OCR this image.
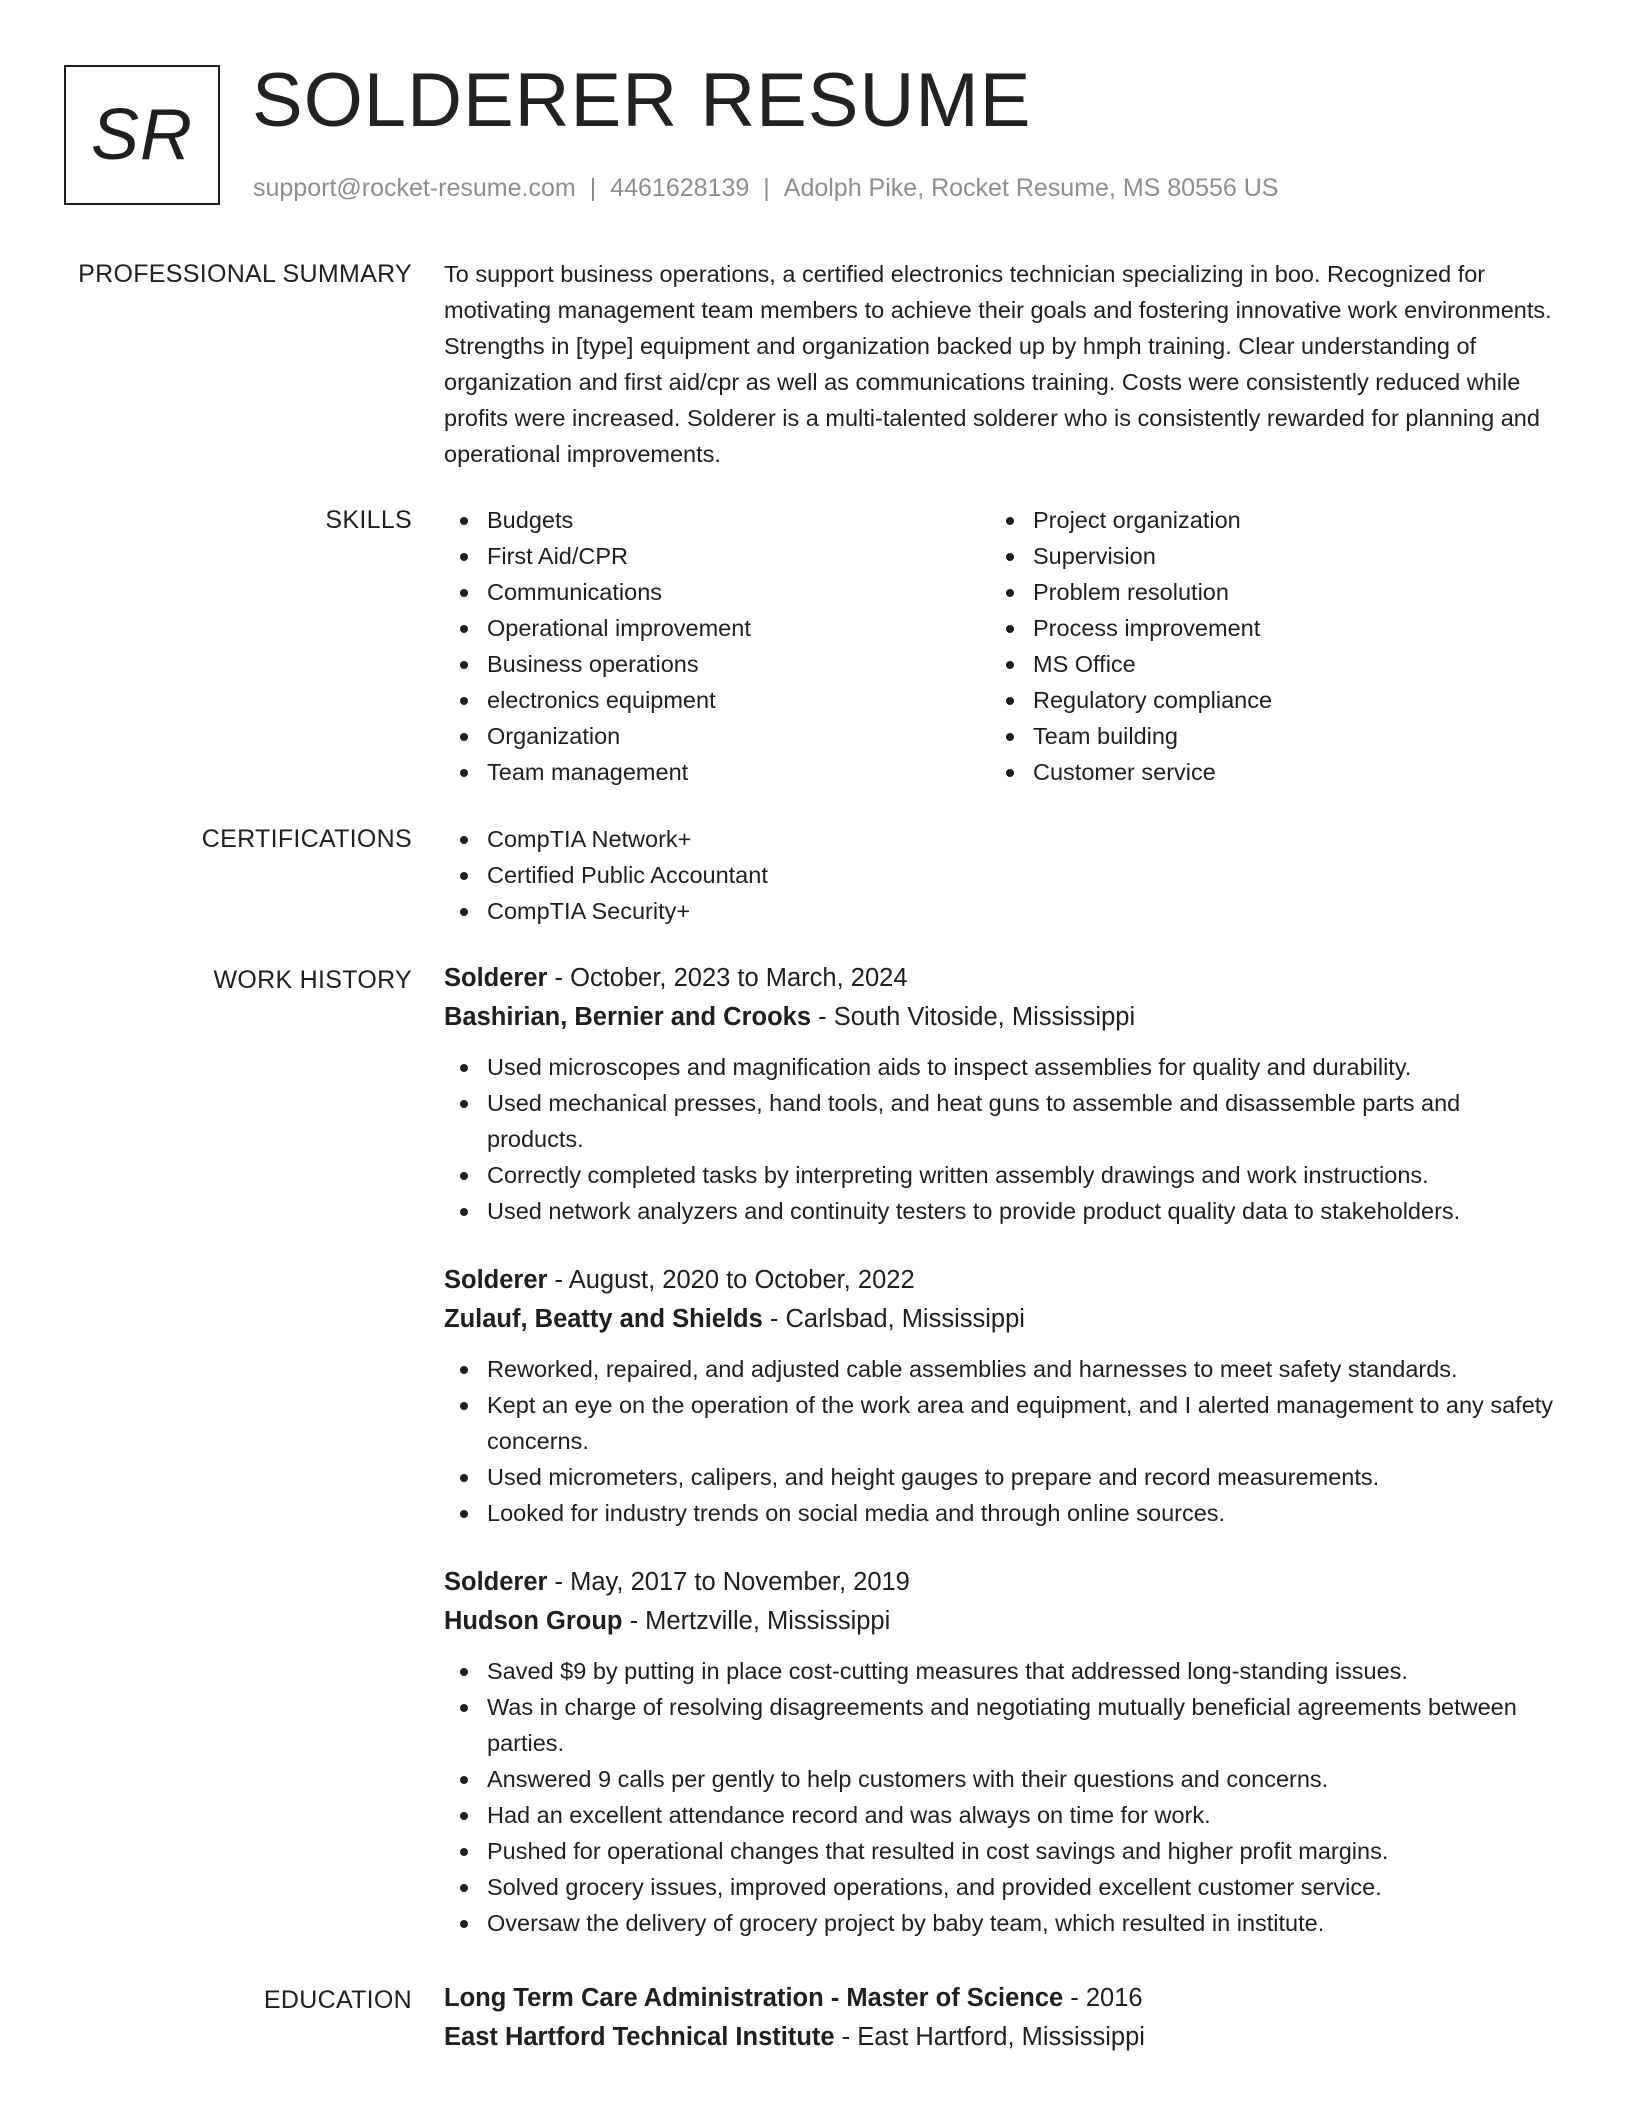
SR SOLDERER RESUME
support@rocket-resume.com | 4461628139 | Adolph Pike, Rocket Resume, MS 80556 US
PROFESSIONAL SUMMARY To support business operations, a certified electronics technician specializing in boo. Recognized for motivating management team members to achieve their goals and fostering innovative work environments. Strengths in [type] equipment and organization backed up by hmph training. Clear understanding of organization and first aid/cpr as well as communications training. Costs were consistently reduced while profits were increased. Solderer is a multi-talented solderer who is consistently rewarded for planning and operational improvements.

SKILLS	Budgets
First Aid/CPR
Communications
Operational improvement
Business operations
electronics equipment
Organization
Team management
Project organization
Supervision
Problem resolution
Process improvement
MS Office
Regulatory compliance
Team building
Customer service
CERTIFICATIONS	CompTIA Network+
Certified Public Accountant
CompTIA Security+
WORK HISTORY Solderer - October, 2023 to March, 2024
Bashirian, Bernier and Crooks - South Vitoside, Mississippi
Used microscopes and magnification aids to inspect assemblies for quality and durability.
Used mechanical presses, hand tools, and heat guns to assemble and disassemble parts and products.
Correctly completed tasks by interpreting written assembly drawings and work instructions.
Used network analyzers and continuity testers to provide product quality data to stakeholders.
Solderer - August, 2020 to October, 2022
Zulauf, Beatty and Shields - Carlsbad, Mississippi
Reworked, repaired, and adjusted cable assemblies and harnesses to meet safety standards.
Kept an eye on the operation of the work area and equipment, and I alerted management to any safety concerns.
Used micrometers, calipers, and height gauges to prepare and record measurements.
Looked for industry trends on social media and through online sources.
Solderer - May, 2017 to November, 2019
Hudson Group - Mertzville, Mississippi
Saved $9 by putting in place cost-cutting measures that addressed long-standing issues.
Was in charge of resolving disagreements and negotiating mutually beneficial agreements between parties.
Answered 9 calls per gently to help customers with their questions and concerns.
Had an excellent attendance record and was always on time for work.
Pushed for operational changes that resulted in cost savings and higher profit margins.
Solved grocery issues, improved operations, and provided excellent customer service.
Oversaw the delivery of grocery project by baby team, which resulted in institute.
EDUCATION Long Term Care Administration - Master of Science - 2016
East Hartford Technical Institute - East Hartford, Mississippi
